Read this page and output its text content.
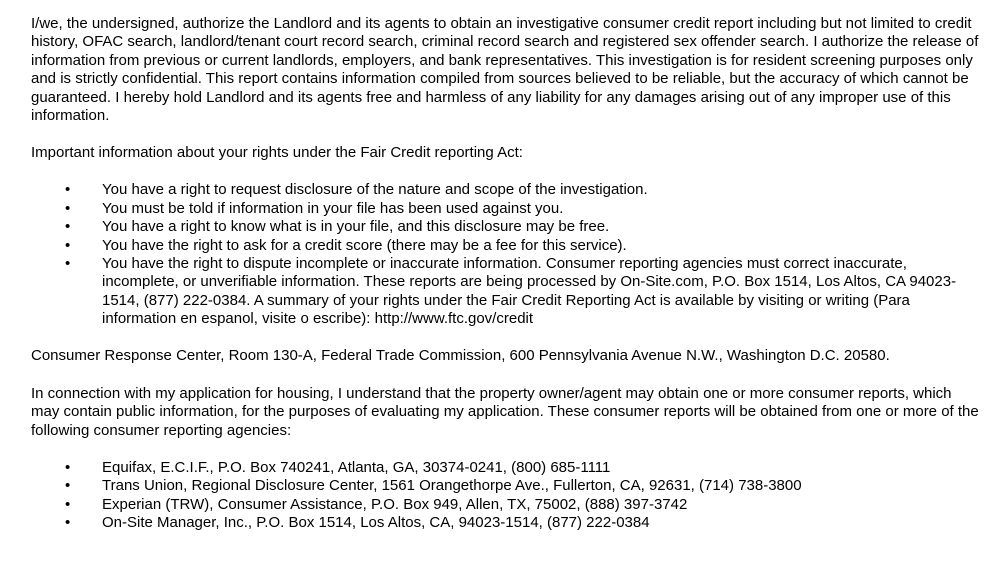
I/we, the undersigned, authorize the Landlord and its agents to obtain an investigative consumer credit report including but not limited to credit history, OFAC search, landlord/tenant court record search, criminal record search and registered sex offender search. I authorize the release of information from previous or current landlords, employers, and bank representatives. This investigation is for resident screening purposes only and is strictly confidential. This report contains information compiled from sources believed to be reliable, but the accuracy of which cannot be guaranteed. I hereby hold Landlord and its agents free and harmless of any liability for any damages arising out of any improper use of this information.

Important information about your rights under the Fair Credit reporting Act:

• You have a right to request disclosure of the nature and scope of the investigation.
• You must be told if information in your file has been used against you.
• You have a right to know what is in your file, and this disclosure may be free.
• You have the right to ask for a credit score (there may be a fee for this service).
• You have the right to dispute incomplete or inaccurate information. Consumer reporting agencies must correct inaccurate, incomplete, or unverifiable information. These reports are being processed by On-Site.com, P.O. Box 1514, Los Altos, CA 94023-1514, (877) 222-0384. A summary of your rights under the Fair Credit Reporting Act is available by visiting or writing (Para information en espanol, visite o escribe): http://www.ftc.gov/credit

Consumer Response Center, Room 130-A, Federal Trade Commission, 600 Pennsylvania Avenue N.W., Washington D.C. 20580.

In connection with my application for housing, I understand that the property owner/agent may obtain one or more consumer reports, which may contain public information, for the purposes of evaluating my application. These consumer reports will be obtained from one or more of the following consumer reporting agencies:

• Equifax, E.C.I.F., P.O. Box 740241, Atlanta, GA, 30374-0241, (800) 685-1111
• Trans Union, Regional Disclosure Center, 1561 Orangethorpe Ave., Fullerton, CA, 92631, (714) 738-3800
• Experian (TRW), Consumer Assistance, P.O. Box 949, Allen, TX, 75002, (888) 397-3742
• On-Site Manager, Inc., P.O. Box 1514, Los Altos, CA, 94023-1514, (877) 222-0384
